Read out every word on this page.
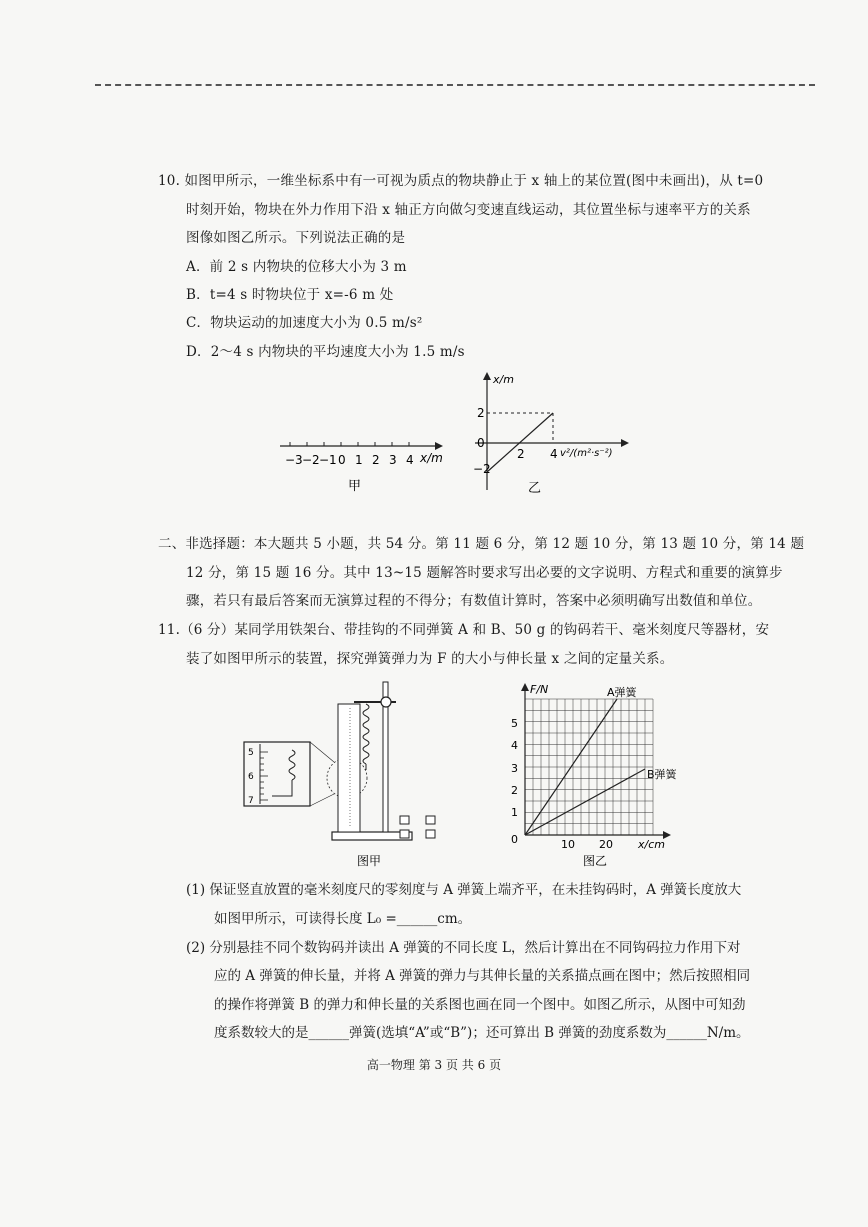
10. 如图甲所示，一维坐标系中有一可视为质点的物块静止于 x 轴上的某位置(图中未画出)，从 t=0
时刻开始，物块在外力作用下沿 x 轴正方向做匀变速直线运动，其位置坐标与速率平方的关系
图像如图乙所示。下列说法正确的是
A．前 2 s 内物块的位移大小为 3 m
B．t=4 s 时物块位于 x=-6 m 处
C．物块运动的加速度大小为 0.5 m/s²
D．2～4 s 内物块的平均速度大小为 1.5 m/s
−3 −2 −1 0 1 2 3 4 x/m
甲
x/m
2
0
−2
2 4 v²/(m²·s⁻²)
乙
二、非选择题：本大题共 5 小题，共 54 分。第 11 题 6 分，第 12 题 10 分，第 13 题 10 分，第 14 题
12 分，第 15 题 16 分。其中 13~15 题解答时要求写出必要的文字说明、方程式和重要的演算步
骤，若只有最后答案而无演算过程的不得分；有数值计算时，答案中必须明确写出数值和单位。
11.（6 分）某同学用铁架台、带挂钩的不同弹簧 A 和 B、50 g 的钩码若干、毫米刻度尺等器材，安
装了如图甲所示的装置，探究弹簧弹力为 F 的大小与伸长量 x 之间的定量关系。
5
6
7
图甲
F/N
5
4
3
2
1
0	10 20 x/cm
A弹簧
B弹簧
图乙
(1) 保证竖直放置的毫米刻度尺的零刻度与 A 弹簧上端齐平，在未挂钩码时，A 弹簧长度放大
如图甲所示，可读得长度 L₀ =______cm。
(2) 分别悬挂不同个数钩码并读出 A 弹簧的不同长度 L，然后计算出在不同钩码拉力作用下对
应的 A 弹簧的伸长量，并将 A 弹簧的弹力与其伸长量的关系描点画在图中；然后按照相同
的操作将弹簧 B 的弹力和伸长量的关系图也画在同一个图中。如图乙所示，从图中可知劲
度系数较大的是______弹簧(选填“A”或“B”)；还可算出 B 弹簧的劲度系数为______N/m。
高一物理 第 3 页 共 6 页
